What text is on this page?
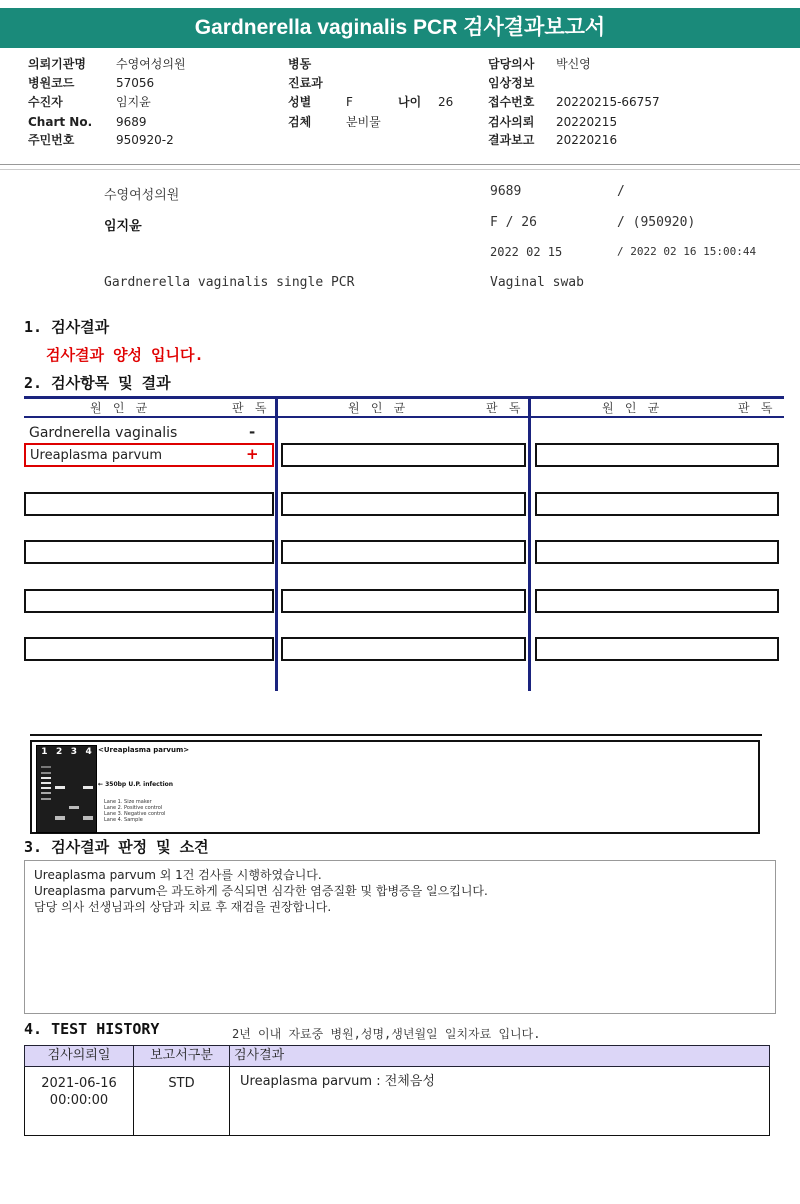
Gardnerella vaginalis PCR 검사결과보고서
의뢰기관명	수영여성의원
병원코드	57056
수진자	임지윤
Chart No. 9689
주민번호	950920-2
병동
진료과
성별	F	나이 26
검체	분비물
담당의사 박신영
임상정보
접수번호 20220215-66757
검사의뢰 20220215
결과보고 20220216
수영여성의원
임지윤
Gardnerella vaginalis single PCR
9689	/
F / 26	/ (950920)
2022 02 15	/ 2022 02 16 15:00:44
Vaginal swab
1. 검사결과
검사결과 양성 입니다.
2. 검사항목 및 결과
원 인 균	판 독	원 인 균	판 독	원 인 균	판 독
Gardnerella vaginalis	-
Ureaplasma parvum	+
1 2 3 4 <Ureaplasma parvum>
← 350bp U.P. infection
Lane 1. Size maker
Lane 2. Positive control
Lane 3. Negative control
Lane 4. Sample
3. 검사결과 판정 및 소견
Ureaplasma parvum 외 1건 검사를 시행하였습니다.
Ureaplasma parvum은 과도하게 증식되면 심각한 염증질환 및 합병증을 일으킵니다.
담당 의사 선생님과의 상담과 치료 후 재검을 권장합니다.
4. TEST HISTORY	2년 이내 자료중 병원,성명,생년월일 일치자료 입니다.
검사의뢰일	보고서구분	검사결과

2021-06-16
00:00:00	STD	Ureaplasma parvum : 전체음성
